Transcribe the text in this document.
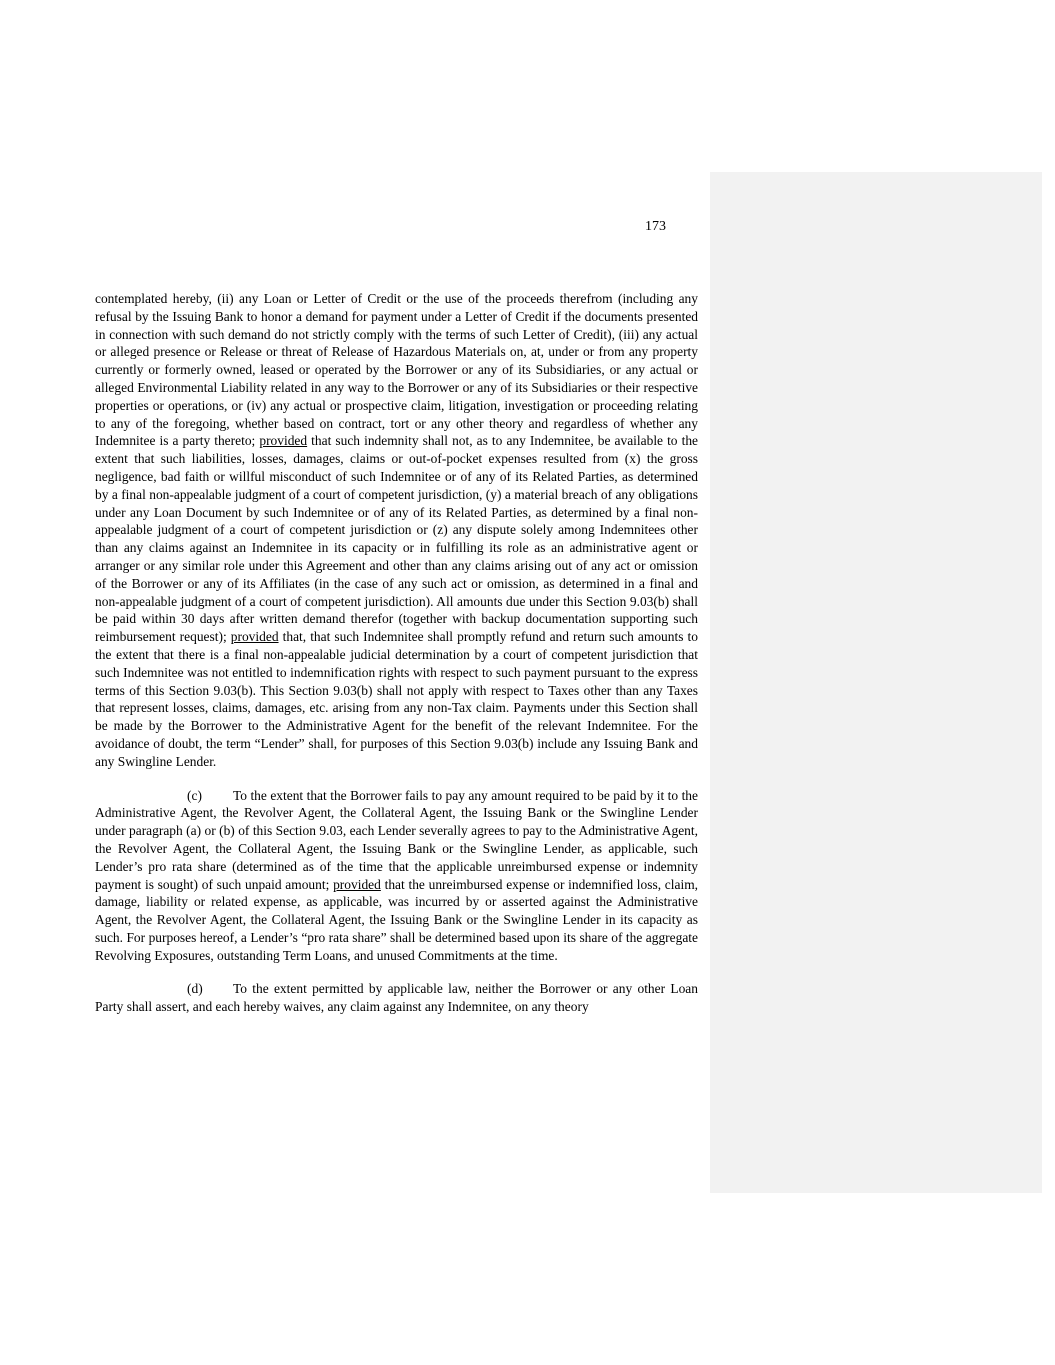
173

contemplated hereby, (ii) any Loan or Letter of Credit or the use of the proceeds therefrom (including any refusal by the Issuing Bank to honor a demand for payment under a Letter of Credit if the documents presented in connection with such demand do not strictly comply with the terms of such Letter of Credit), (iii) any actual or alleged presence or Release or threat of Release of Hazardous Materials on, at, under or from any property currently or formerly owned, leased or operated by the Borrower or any of its Subsidiaries, or any actual or alleged Environmental Liability related in any way to the Borrower or any of its Subsidiaries or their respective properties or operations, or (iv) any actual or prospective claim, litigation, investigation or proceeding relating to any of the foregoing, whether based on contract, tort or any other theory and regardless of whether any Indemnitee is a party thereto; provided that such indemnity shall not, as to any Indemnitee, be available to the extent that such liabilities, losses, damages, claims or out-of-pocket expenses resulted from (x) the gross negligence, bad faith or willful misconduct of such Indemnitee or of any of its Related Parties, as determined by a final non-appealable judgment of a court of competent jurisdiction, (y) a material breach of any obligations under any Loan Document by such Indemnitee or of any of its Related Parties, as determined by a final non-appealable judgment of a court of competent jurisdiction or (z) any dispute solely among Indemnitees other than any claims against an Indemnitee in its capacity or in fulfilling its role as an administrative agent or arranger or any similar role under this Agreement and other than any claims arising out of any act or omission of the Borrower or any of its Affiliates (in the case of any such act or omission, as determined in a final and non-appealable judgment of a court of competent jurisdiction). All amounts due under this Section 9.03(b) shall be paid within 30 days after written demand therefor (together with backup documentation supporting such reimbursement request); provided that, that such Indemnitee shall promptly refund and return such amounts to the extent that there is a final non-appealable judicial determination by a court of competent jurisdiction that such Indemnitee was not entitled to indemnification rights with respect to such payment pursuant to the express terms of this Section 9.03(b). This Section 9.03(b) shall not apply with respect to Taxes other than any Taxes that represent losses, claims, damages, etc. arising from any non-Tax claim. Payments under this Section shall be made by the Borrower to the Administrative Agent for the benefit of the relevant Indemnitee. For the avoidance of doubt, the term “Lender” shall, for purposes of this Section 9.03(b) include any Issuing Bank and any Swingline Lender.

(c) To the extent that the Borrower fails to pay any amount required to be paid by it to the Administrative Agent, the Revolver Agent, the Collateral Agent, the Issuing Bank or the Swingline Lender under paragraph (a) or (b) of this Section 9.03, each Lender severally agrees to pay to the Administrative Agent, the Revolver Agent, the Collateral Agent, the Issuing Bank or the Swingline Lender, as applicable, such Lender’s pro rata share (determined as of the time that the applicable unreimbursed expense or indemnity payment is sought) of such unpaid amount; provided that the unreimbursed expense or indemnified loss, claim, damage, liability or related expense, as applicable, was incurred by or asserted against the Administrative Agent, the Revolver Agent, the Collateral Agent, the Issuing Bank or the Swingline Lender in its capacity as such. For purposes hereof, a Lender’s “pro rata share” shall be determined based upon its share of the aggregate Revolving Exposures, outstanding Term Loans, and unused Commitments at the time.

(d) To the extent permitted by applicable law, neither the Borrower or any other Loan Party shall assert, and each hereby waives, any claim against any Indemnitee, on any theory
